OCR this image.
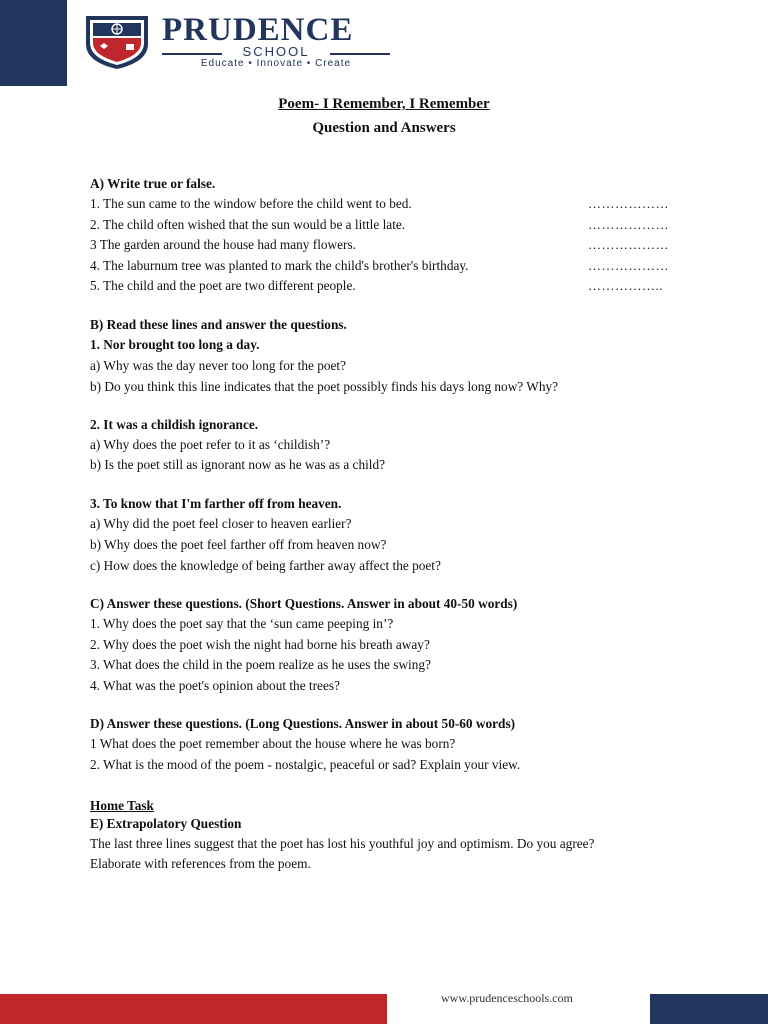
PRUDENCE
SCHOOL
Educate • Innovate • Create
Poem- I Remember, I Remember
Question and Answers
A) Write true or false.
1. The sun came to the window before the child went to bed.	………………
2. The child often wished that the sun would be a little late.	………………
3 The garden around the house had many flowers.	………………
4. The laburnum tree was planted to mark the child's brother's birthday.	………………
5. The child and the poet are two different people.	……………..
B) Read these lines and answer the questions.
1. Nor brought too long a day.
a) Why was the day never too long for the poet?
b) Do you think this line indicates that the poet possibly finds his days long now? Why?
2. It was a childish ignorance.
a) Why does the poet refer to it as ‘childish’?
b) Is the poet still as ignorant now as he was as a child?
3. To know that I'm farther off from heaven.
a) Why did the poet feel closer to heaven earlier?
b) Why does the poet feel farther off from heaven now?
c) How does the knowledge of being farther away affect the poet?
C) Answer these questions. (Short Questions. Answer in about 40-50 words)
1. Why does the poet say that the ‘sun came peeping in’?
2. Why does the poet wish the night had borne his breath away?
3. What does the child in the poem realize as he uses the swing?
4. What was the poet's opinion about the trees?
D) Answer these questions. (Long Questions. Answer in about 50-60 words)
1 What does the poet remember about the house where he was born?
2. What is the mood of the poem - nostalgic, peaceful or sad? Explain your view.
Home Task
E) Extrapolatory Question
The last three lines suggest that the poet has lost his youthful joy and optimism. Do you agree?
Elaborate with references from the poem.
www.prudenceschools.com
